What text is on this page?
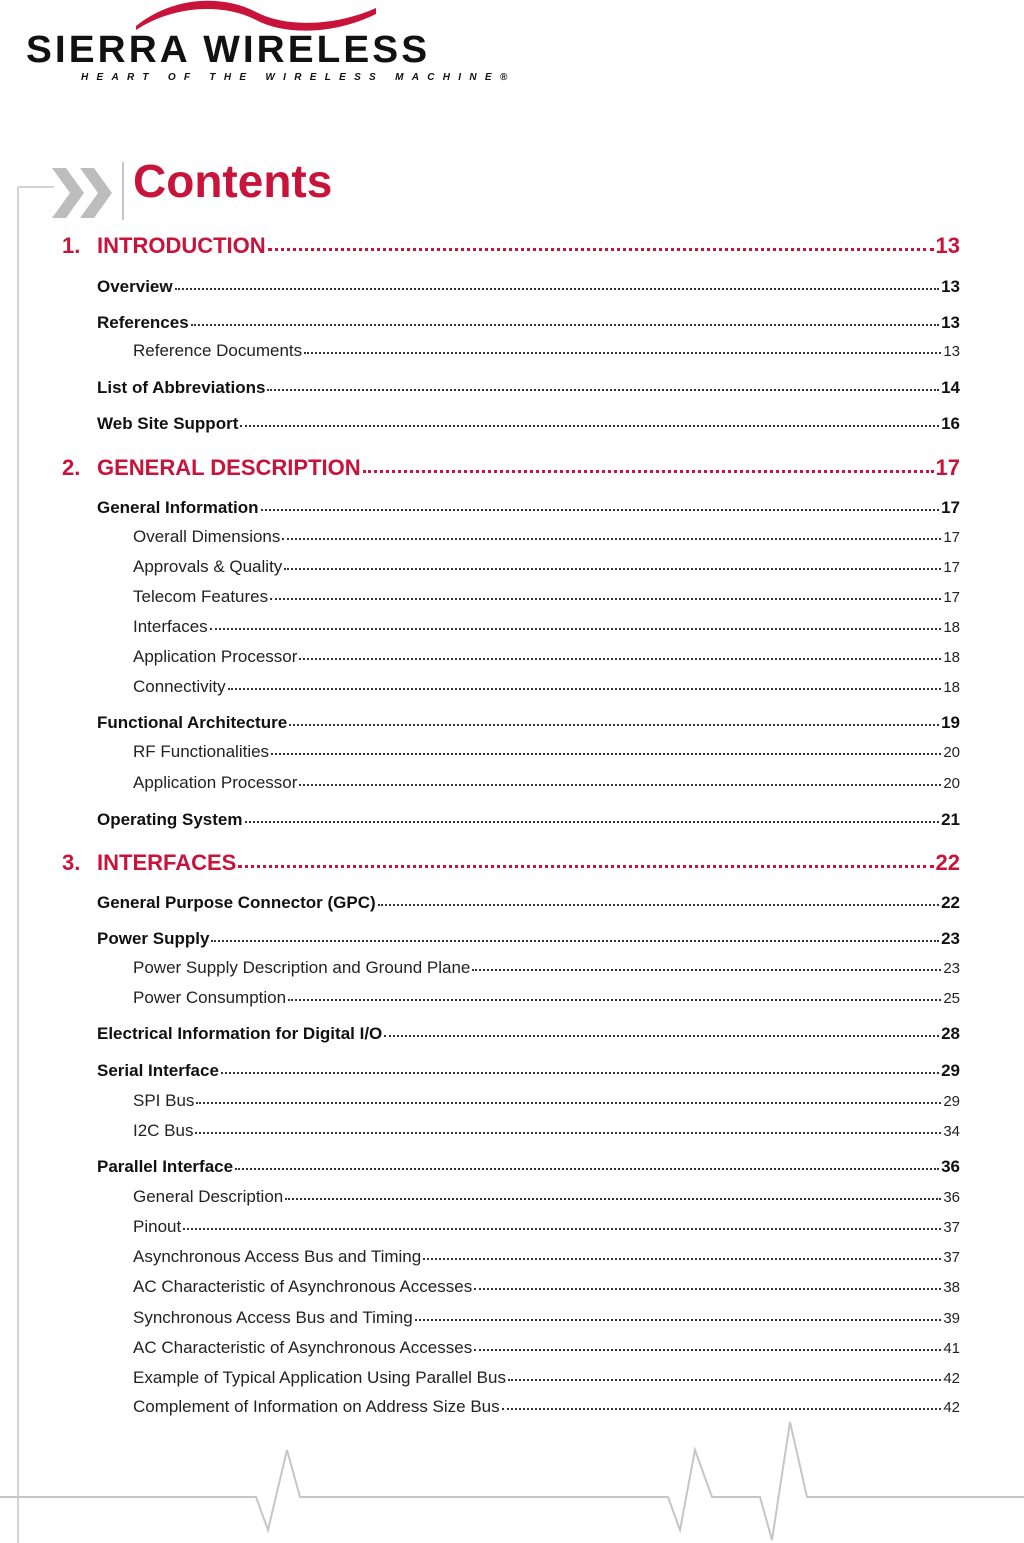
SIERRA WIRELESS
HEART OF THE WIRELESS MACHINE®
Contents
1. INTRODUCTION	13
Overview	13
References	13
Reference Documents	13
List of Abbreviations	14
Web Site Support	16
2. GENERAL DESCRIPTION	17
General Information	17
Overall Dimensions	17
Approvals & Quality	17
Telecom Features	17
Interfaces	18
Application Processor	18
Connectivity	18
Functional Architecture	19
RF Functionalities	20
Application Processor	20
Operating System	21
3. INTERFACES	22
General Purpose Connector (GPC)	22
Power Supply	23
Power Supply Description and Ground Plane	23
Power Consumption	25
Electrical Information for Digital I/O	28
Serial Interface	29
SPI Bus	29
I2C Bus	34
Parallel Interface	36
General Description	36
Pinout	37
Asynchronous Access Bus and Timing	37
AC Characteristic of Asynchronous Accesses	38
Synchronous Access Bus and Timing	39
AC Characteristic of Asynchronous Accesses	41
Example of Typical Application Using Parallel Bus	42
Complement of Information on Address Size Bus	42
